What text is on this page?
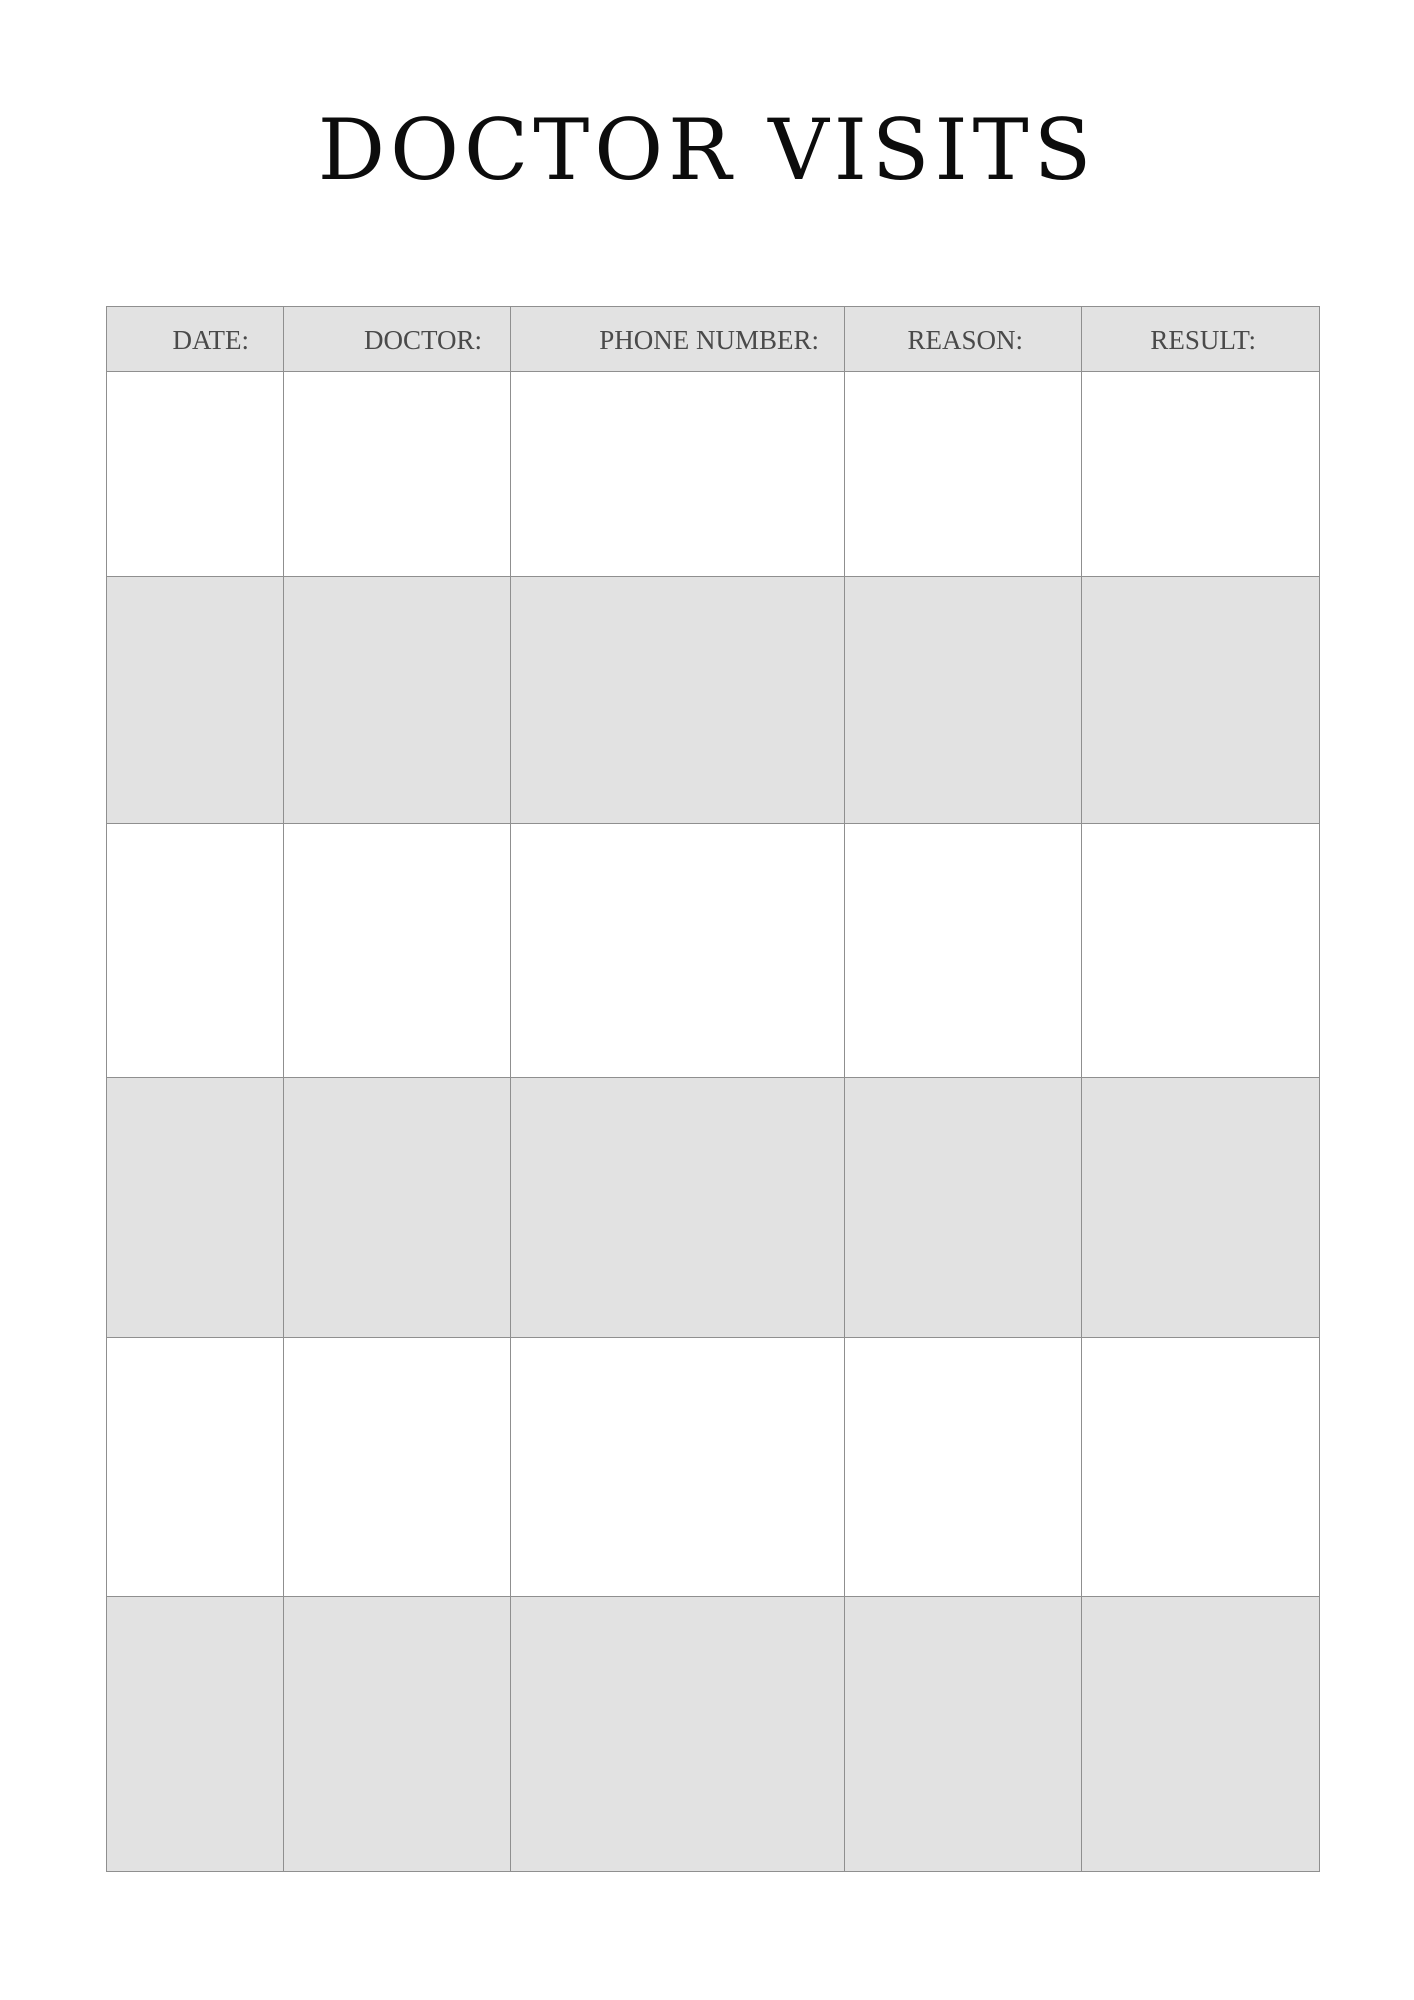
DOCTOR VISITS
DATE:	DOCTOR:	PHONE NUMBER:	REASON:	RESULT:
